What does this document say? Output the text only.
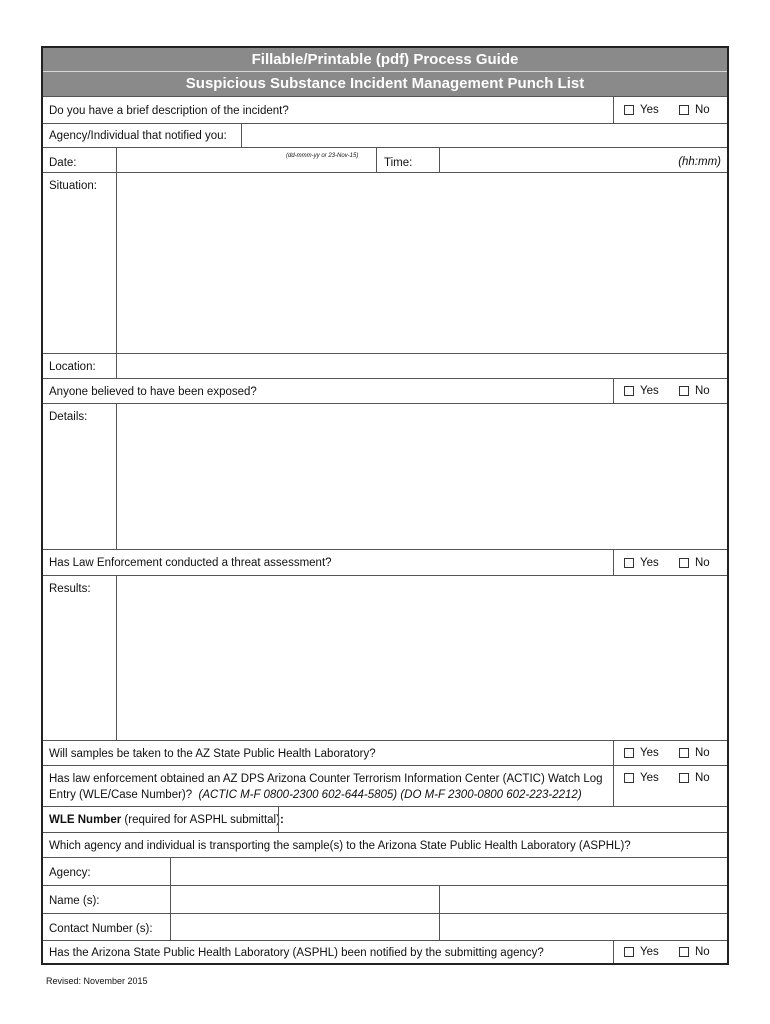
Fillable/Printable (pdf) Process Guide
Suspicious Substance Incident Management Punch List
Do you have a brief description of the incident?	Yes	No
Agency/Individual that notified you:
Date:
(dd-mmm-yy or 23-Nov-15)
Time:	(hh:mm)
Situation:
Location:
Anyone believed to have been exposed?	Yes	No
Details:
Has Law Enforcement conducted a threat assessment?	Yes	No
Results:
Will samples be taken to the AZ State Public Health Laboratory?	Yes	No
Has law enforcement obtained an AZ DPS Arizona Counter Terrorism Information Center (ACTIC) Watch Log
Entry (WLE/Case Number)? (ACTIC M-F 0800-2300 602-644-5805) (DO M-F 2300-0800 602-223-2212)
Yes	No
WLE Number (required for ASPHL submittal):
Which agency and individual is transporting the sample(s) to the Arizona State Public Health Laboratory (ASPHL)?
Agency:
Name (s):
Contact Number (s):
Has the Arizona State Public Health Laboratory (ASPHL) been notified by the submitting agency?	Yes	No
Revised: November 2015
